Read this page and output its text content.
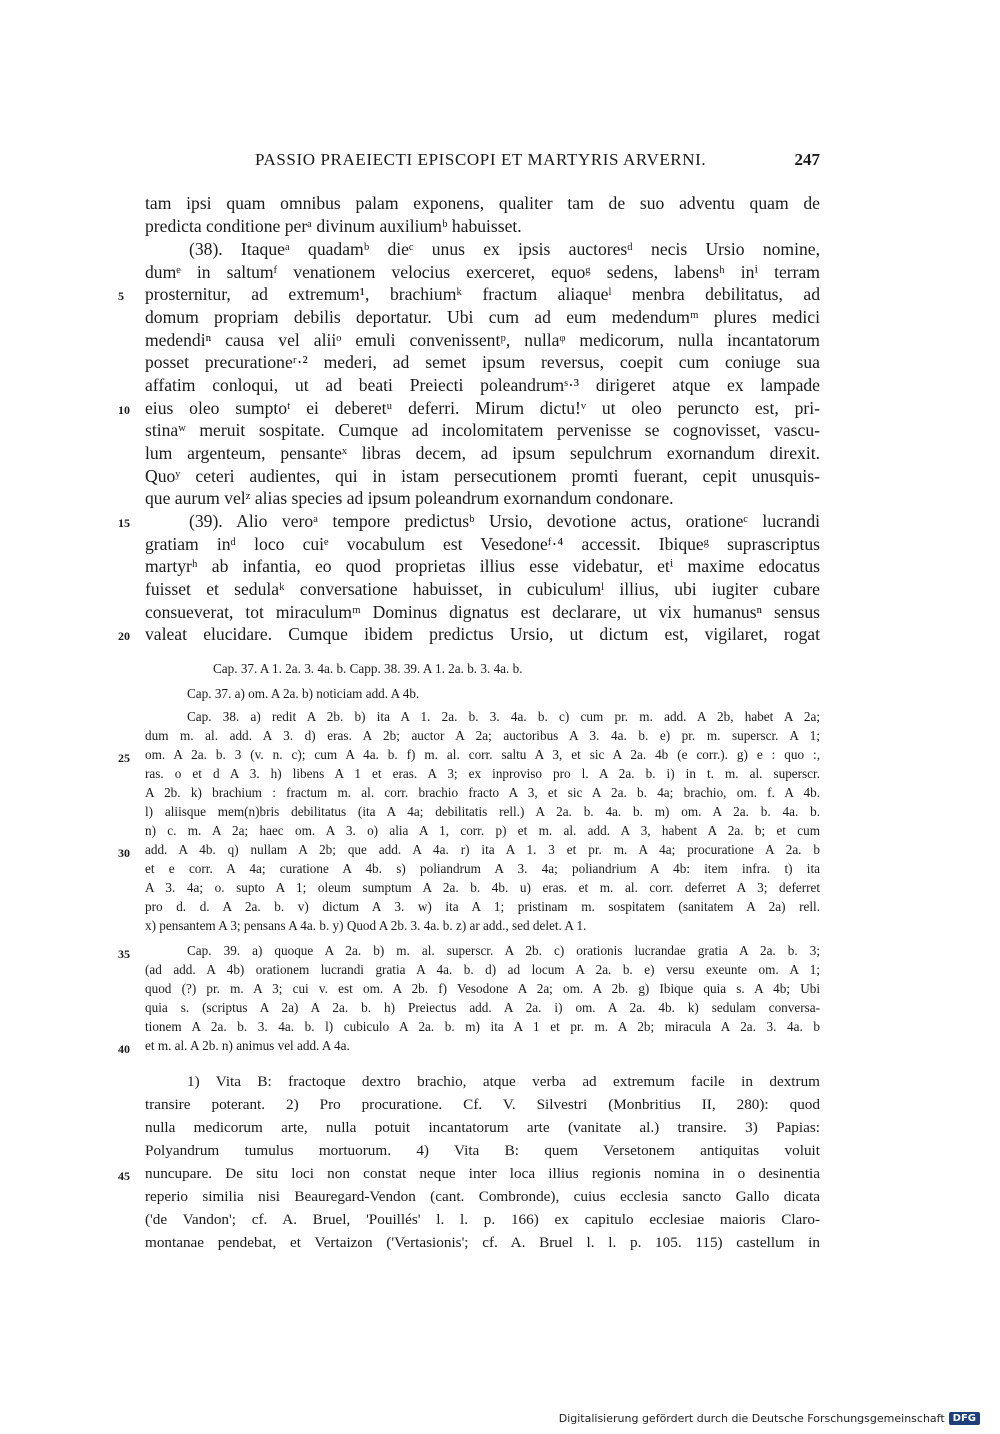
PASSIO PRAEIECTI EPISCOPI ET MARTYRIS ARVERNI.	247
tam ipsi quam omnibus palam exponens, qualiter tam de suo adventu quam de
predicta conditione perᵃ divinum auxiliumᵇ habuisset.
(38). Itaqueᵃ quadamᵇ dieᶜ unus ex ipsis auctoresᵈ necis Ursio nomine,
dumᵉ in saltumᶠ venationem velocius exerceret, equoᵍ sedens, labensʰ inⁱ terram
prosternitur, ad extremum¹, brachiumᵏ fractum aliaqueˡ menbra debilitatus, ad
domum propriam debilis deportatur. Ubi cum ad eum medendumᵐ plures medici
medendiⁿ causa vel aliiᵒ emuli convenissentᵖ, nullaᵠ medicorum, nulla incantatorum
posset precurationeʳ·² mederi, ad semet ipsum reversus, coepit cum coniuge sua
affatim conloqui, ut ad beati Preiecti poleandrumˢ·³ dirigeret atque ex lampade
eius oleo sumptoᵗ ei deberetᵘ deferri. Mirum dictu!ᵛ ut oleo peruncto est, pri-
stinaʷ meruit sospitate. Cumque ad incolomitatem pervenisse se cognovisset, vascu-
lum argenteum, pensanteˣ libras decem, ad ipsum sepulchrum exornandum direxit.
Quoʸ ceteri audientes, qui in istam persecutionem promti fuerant, cepit unusquis-
que aurum velᶻ alias species ad ipsum poleandrum exornandum condonare.
(39). Alio veroᵃ tempore predictusᵇ Ursio, devotione actus, orationeᶜ lucrandi
gratiam inᵈ loco cuiᵉ vocabulum est Vesedoneᶠ·⁴ accessit. Ibiqueᵍ suprascriptus
martyrʰ ab infantia, eo quod proprietas illius esse videbatur, etⁱ maxime edocatus
fuisset et sedulaᵏ conversatione habuisset, in cubiculumˡ illius, ubi iugiter cubare
consueverat, tot miraculumᵐ Dominus dignatus est declarare, ut vix humanusⁿ sensus
valeat elucidare. Cumque ibidem predictus Ursio, ut dictum est, vigilaret, rogat
Cap. 37. A 1. 2a. 3. 4a. b. Capp. 38. 39. A 1. 2a. b. 3. 4a. b.
Cap. 37. a) om. A 2a. b) noticiam add. A 4b.
Cap. 38. a) redit A 2b. b) ita A 1. 2a. b. 3. 4a. b. c) cum pr. m. add. A 2b, habet A 2a;
dum m. al. add. A 3. d) eras. A 2b; auctor A 2a; auctoribus A 3. 4a. b. e) pr. m. superscr. A 1;
om. A 2a. b. 3 (v. n. c); cum A 4a. b. f) m. al. corr. saltu A 3, et sic A 2a. 4b (e corr.). g) e : quo :,
ras. o et d A 3. h) libens A 1 et eras. A 3; ex inproviso pro l. A 2a. b. i) in t. m. al. superscr.
A 2b. k) brachium : fractum m. al. corr. brachio fracto A 3, et sic A 2a. b. 4a; brachio, om. f. A 4b.
l) aliisque mem(n)bris debilitatus (ita A 4a; debilitatis rell.) A 2a. b. 4a. b. m) om. A 2a. b. 4a. b.
n) c. m. A 2a; haec om. A 3. o) alia A 1, corr. p) et m. al. add. A 3, habent A 2a. b; et cum
add. A 4b. q) nullam A 2b; que add. A 4a. r) ita A 1. 3 et pr. m. A 4a; procuratione A 2a. b
et e corr. A 4a; curatione A 4b. s) poliandrum A 3. 4a; poliandrium A 4b: item infra. t) ita
A 3. 4a; o. supto A 1; oleum sumptum A 2a. b. 4b. u) eras. et m. al. corr. deferret A 3; deferret
pro d. d. A 2a. b. v) dictum A 3. w) ita A 1; pristinam m. sospitatem (sanitatem A 2a) rell.
x) pensantem A 3; pensans A 4a. b. y) Quod A 2b. 3. 4a. b. z) ar add., sed delet. A 1.
Cap. 39. a) quoque A 2a. b) m. al. superscr. A 2b. c) orationis lucrandae gratia A 2a. b. 3;
(ad add. A 4b) orationem lucrandi gratia A 4a. b. d) ad locum A 2a. b. e) versu exeunte om. A 1;
quod (?) pr. m. A 3; cui v. est om. A 2b. f) Vesodone A 2a; om. A 2b. g) Ibique quia s. A 4b; Ubi
quia s. (scriptus A 2a) A 2a. b. h) Preiectus add. A 2a. i) om. A 2a. 4b. k) sedulam conversa-
tionem A 2a. b. 3. 4a. b. l) cubiculo A 2a. b. m) ita A 1 et pr. m. A 2b; miracula A 2a. 3. 4a. b
et m. al. A 2b. n) animus vel add. A 4a.
1) Vita B: fractoque dextro brachio, atque verba ad extremum facile in dextrum
transire poterant. 2) Pro procuratione. Cf. V. Silvestri (Monbritius II, 280): quod
nulla medicorum arte, nulla potuit incantatorum arte (vanitate al.) transire. 3) Papias:
Polyandrum tumulus mortuorum. 4) Vita B: quem Versetonem antiquitas voluit
nuncupare. De situ loci non constat neque inter loca illius regionis nomina in o desinentia
reperio similia nisi Beauregard-Vendon (cant. Combronde), cuius ecclesia sancto Gallo dicata
('de Vandon'; cf. A. Bruel, 'Pouillés' l. l. p. 166) ex capitulo ecclesiae maioris Claro-
montanae pendebat, et Vertaizon ('Vertasionis'; cf. A. Bruel l. l. p. 105. 115) castellum in
5
10
15
20
25
30
35
40
45
Digitalisierung gefördert durch die Deutsche Forschungsgemeinschaft DFG
